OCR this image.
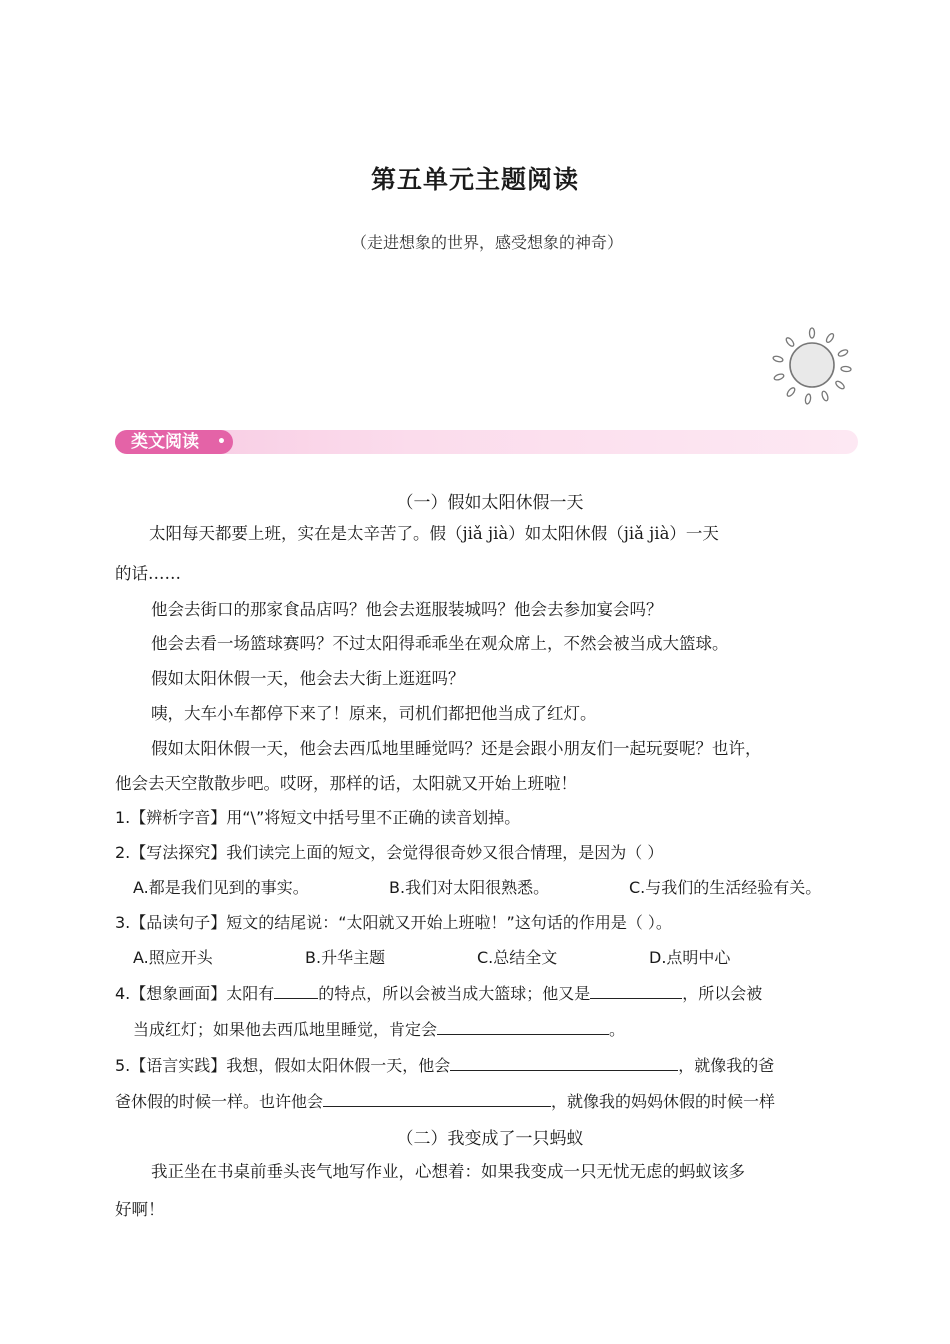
第五单元主题阅读
（走进想象的世界，感受想象的神奇）
类文阅读 •
（一）假如太阳休假一天
太阳每天都要上班，实在是太辛苦了。假（jiǎ jià）如太阳休假（jiǎ jià）一天
的话……
他会去街口的那家食品店吗？他会去逛服装城吗？他会去参加宴会吗？
他会去看一场篮球赛吗？不过太阳得乖乖坐在观众席上，不然会被当成大篮球。
假如太阳休假一天，他会去大街上逛逛吗？
咦，大车小车都停下来了！原来，司机们都把他当成了红灯。
假如太阳休假一天，他会去西瓜地里睡觉吗？还是会跟小朋友们一起玩耍呢？也许，
他会去天空散散步吧。哎呀，那样的话，太阳就又开始上班啦！
1.【辨析字音】用“\”将短文中括号里不正确的读音划掉。
2.【写法探究】我们读完上面的短文，会觉得很奇妙又很合情理，是因为（ ）
A.都是我们见到的事实。	B.我们对太阳很熟悉。	C.与我们的生活经验有关。
3.【品读句子】短文的结尾说：“太阳就又开始上班啦！”这句话的作用是（ ）。
A.照应开头	B.升华主题	C.总结全文	D.点明中心
4.【想象画面】太阳有	的特点，所以会被当成大篮球；他又是	，所以会被
当成红灯；如果他去西瓜地里睡觉，肯定会	。
5.【语言实践】我想，假如太阳休假一天，他会	，就像我的爸
爸休假的时候一样。也许他会	，就像我的妈妈休假的时候一样
（二）我变成了一只蚂蚁
我正坐在书桌前垂头丧气地写作业，心想着：如果我变成一只无忧无虑的蚂蚁该多
好啊！
